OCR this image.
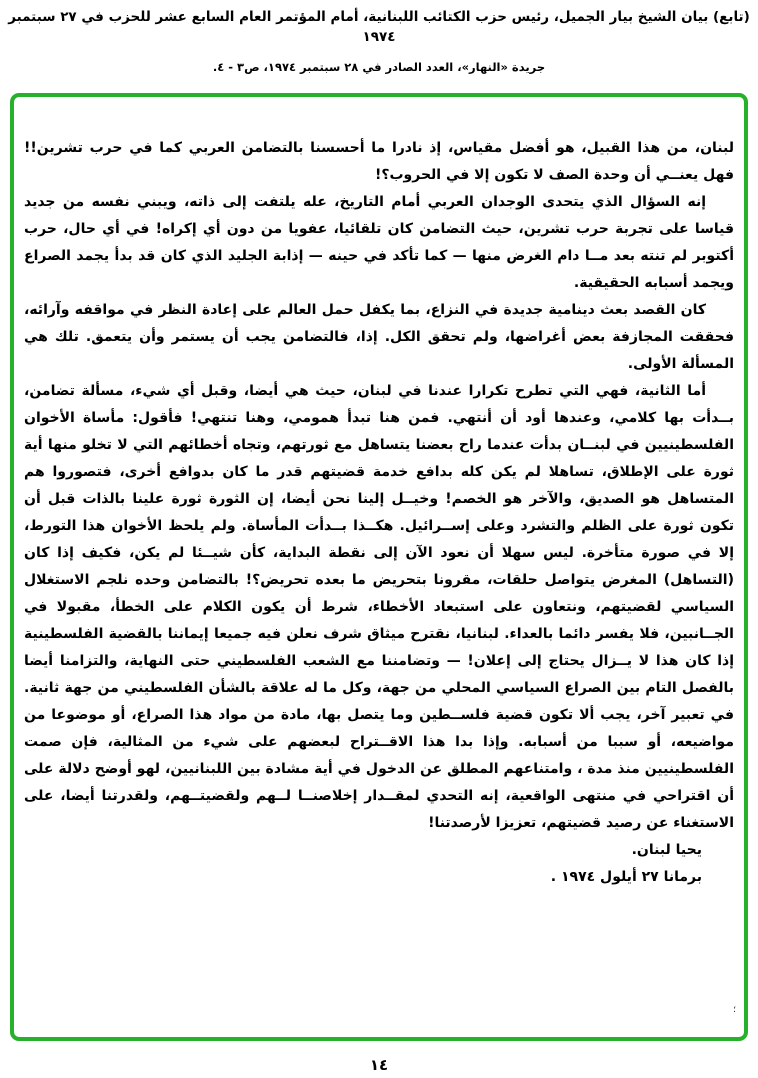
(تابع) بيان الشيخ بيار الجميل، رئيس حزب الكتائب اللبنانية، أمام المؤتمر العام السابع عشر للحزب في ٢٧ سبتمبر
١٩٧٤
جريدة «النهار»، العدد الصادر في ٢٨ سبتمبر ١٩٧٤، ص٣ - ٤.

لبنان، من هذا القبيل، هو أفضل مقياس، إذ نادرا ما أحسسنا بالتضامن العربي كما في حرب تشرين!! فهل يعنــي أن وحدة الصف لا تكون إلا في الحروب؟!

إنه السؤال الذي يتحدى الوجدان العربي أمام التاريخ، عله يلتفت إلى ذاته، ويبني نفسه من جديد قياسا على تجربة حرب تشرين، حيث التضامن كان تلقائيا، عفويا من دون أي إكراه! في أي حال، حرب أكتوبر لم تنته بعد مــا دام الغرض منها — كما تأكد في حينه — إذابة الجليد الذي كان قد بدأ يجمد الصراع ويجمد أسبابه الحقيقية.

كان القصد بعث دينامية جديدة في النزاع، بما يكفل حمل العالم على إعادة النظر في مواقفه وآرائه، فحققت المجازفة بعض أغراضها، ولم تحقق الكل. إذا، فالتضامن يجب أن يستمر وأن يتعمق. تلك هي المسألة الأولى.

أما الثانية، فهي التي تطرح تكرارا عندنا في لبنان، حيث هي أيضا، وقبل أي شيء، مسألة تضامن، بــدأت بها كلامي، وعندها أود أن أنتهي. فمن هنا تبدأ همومي، وهنا تنتهي! فأقول: مأساة الأخوان الفلسطينيين في لبنــان بدأت عندما راح بعضنا يتساهل مع ثورتهم، وتجاه أخطائهم التي لا تخلو منها أية ثورة على الإطلاق، تساهلا لم يكن كله بدافع خدمة قضيتهم قدر ما كان بدوافع أخرى، فتصوروا هم المتساهل هو الصديق، والآخر هو الخصم! وخيــل إلينا نحن أيضا، إن الثورة ثورة علينا بالذات قبل أن تكون ثورة على الظلم والتشرد وعلى إســرائيل. هكــذا بــدأت المأساة. ولم يلحظ الأخوان هذا التورط، إلا في صورة متأخرة. ليس سهلا أن نعود الآن إلى نقطة البداية، كأن شيــئا لم يكن، فكيف إذا كان (التساهل) المغرض يتواصل حلقات، مقرونا بتحريض ما بعده تحريض؟! بالتضامن وحده نلجم الاستغلال السياسي لقضيتهم، ونتعاون على استبعاد الأخطاء، شرط أن يكون الكلام على الخطأ، مقبولا في الجــانبين، فلا يفسر دائما بالعداء. لبنانيا، نقترح ميثاق شرف نعلن فيه جميعا إيماننا بالقضية الفلسطينية إذا كان هذا لا يــزال يحتاج إلى إعلان! — وتضامننا مع الشعب الفلسطيني حتى النهاية، والتزامنا أيضا بالفصل التام بين الصراع السياسي المحلي من جهة، وكل ما له علاقة بالشأن الفلسطيني من جهة ثانية. في تعبير آخر، يجب ألا تكون قضية فلســطين وما يتصل بها، مادة من مواد هذا الصراع، أو موضوعا من مواضيعه، أو سببا من أسبابه. وإذا بدا هذا الاقــتراح لبعضهم على شيء من المثالية، فإن صمت الفلسطينيين منذ مدة ، وامتناعهم المطلق عن الدخول في أية مشادة بين اللبنانيين، لهو أوضح دلالة على أن اقتراحي في منتهى الواقعية، إنه التحدي لمقــدار إخلاصنــا لــهم ولقضيتــهم، ولقدرتنا أيضا، على الاستغناء عن رصيد قضيتهم، تعزيزا لأرصدتنا!

يحيا لبنان.

برمانا ٢٧ أيلول ١٩٧٤ .

؛
١٤
